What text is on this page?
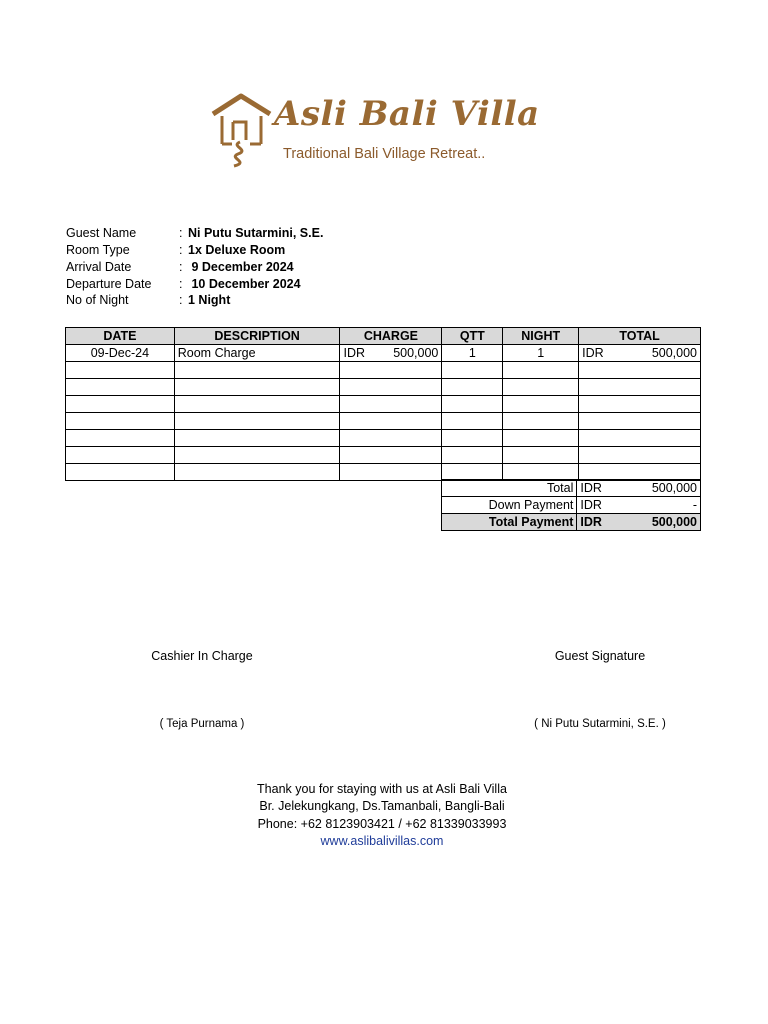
Asli Bali Villa
Traditional Bali Village Retreat..
Guest Name	: Ni Putu Sutarmini, S.E.
Room Type	: 1x Deluxe Room
Arrival Date	: 9 December 2024
Departure Date	: 10 December 2024
No of Night	: 1 Night
DATE	DESCRIPTION	CHARGE	QTT	NIGHT	TOTAL
09-Dec-24	Room Charge	IDR 500,000	1	1	IDR 500,000

Total	IDR 500,000

Down Payment	IDR -

Total Payment	IDR 500,000
Cashier In Charge
( Teja Purnama )
Guest Signature
( Ni Putu Sutarmini, S.E. )
Thank you for staying with us at Asli Bali Villa
Br. Jelekungkang, Ds.Tamanbali, Bangli-Bali
Phone: +62 8123903421 / +62 81339033993
www.aslibalivillas.com
